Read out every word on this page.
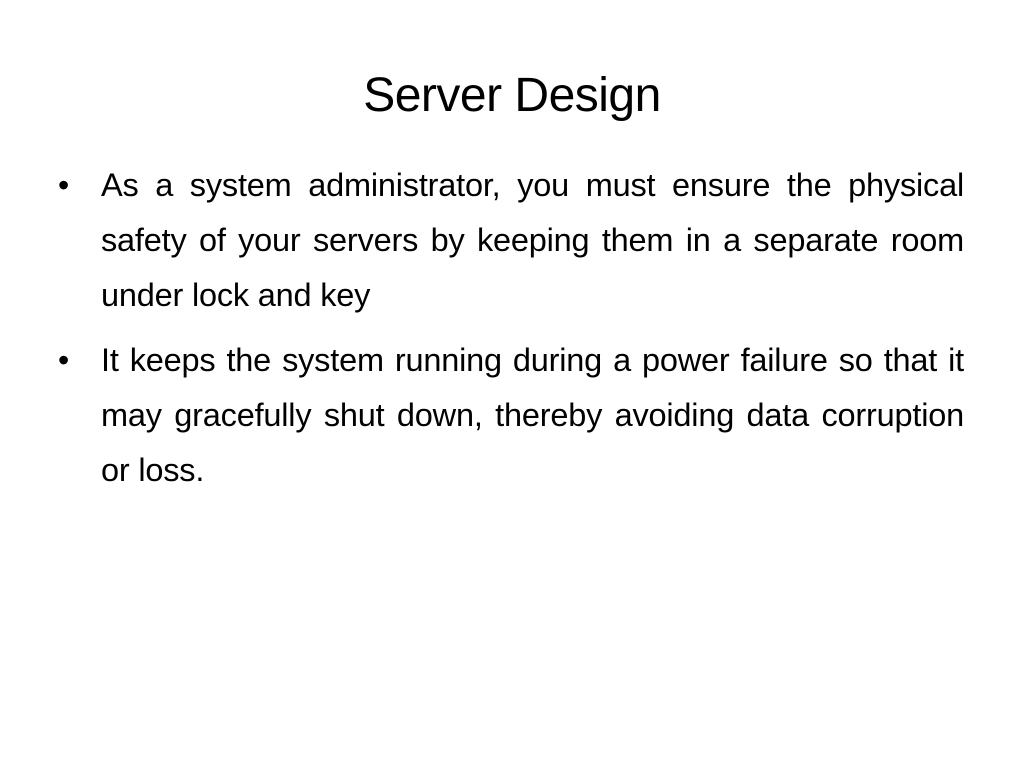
Server Design
• As a system administrator, you must ensure the physical safety of your servers by keeping them in a separate room under lock and key
• It keeps the system running during a power failure so that it may gracefully shut down, thereby avoiding data corruption or loss.
